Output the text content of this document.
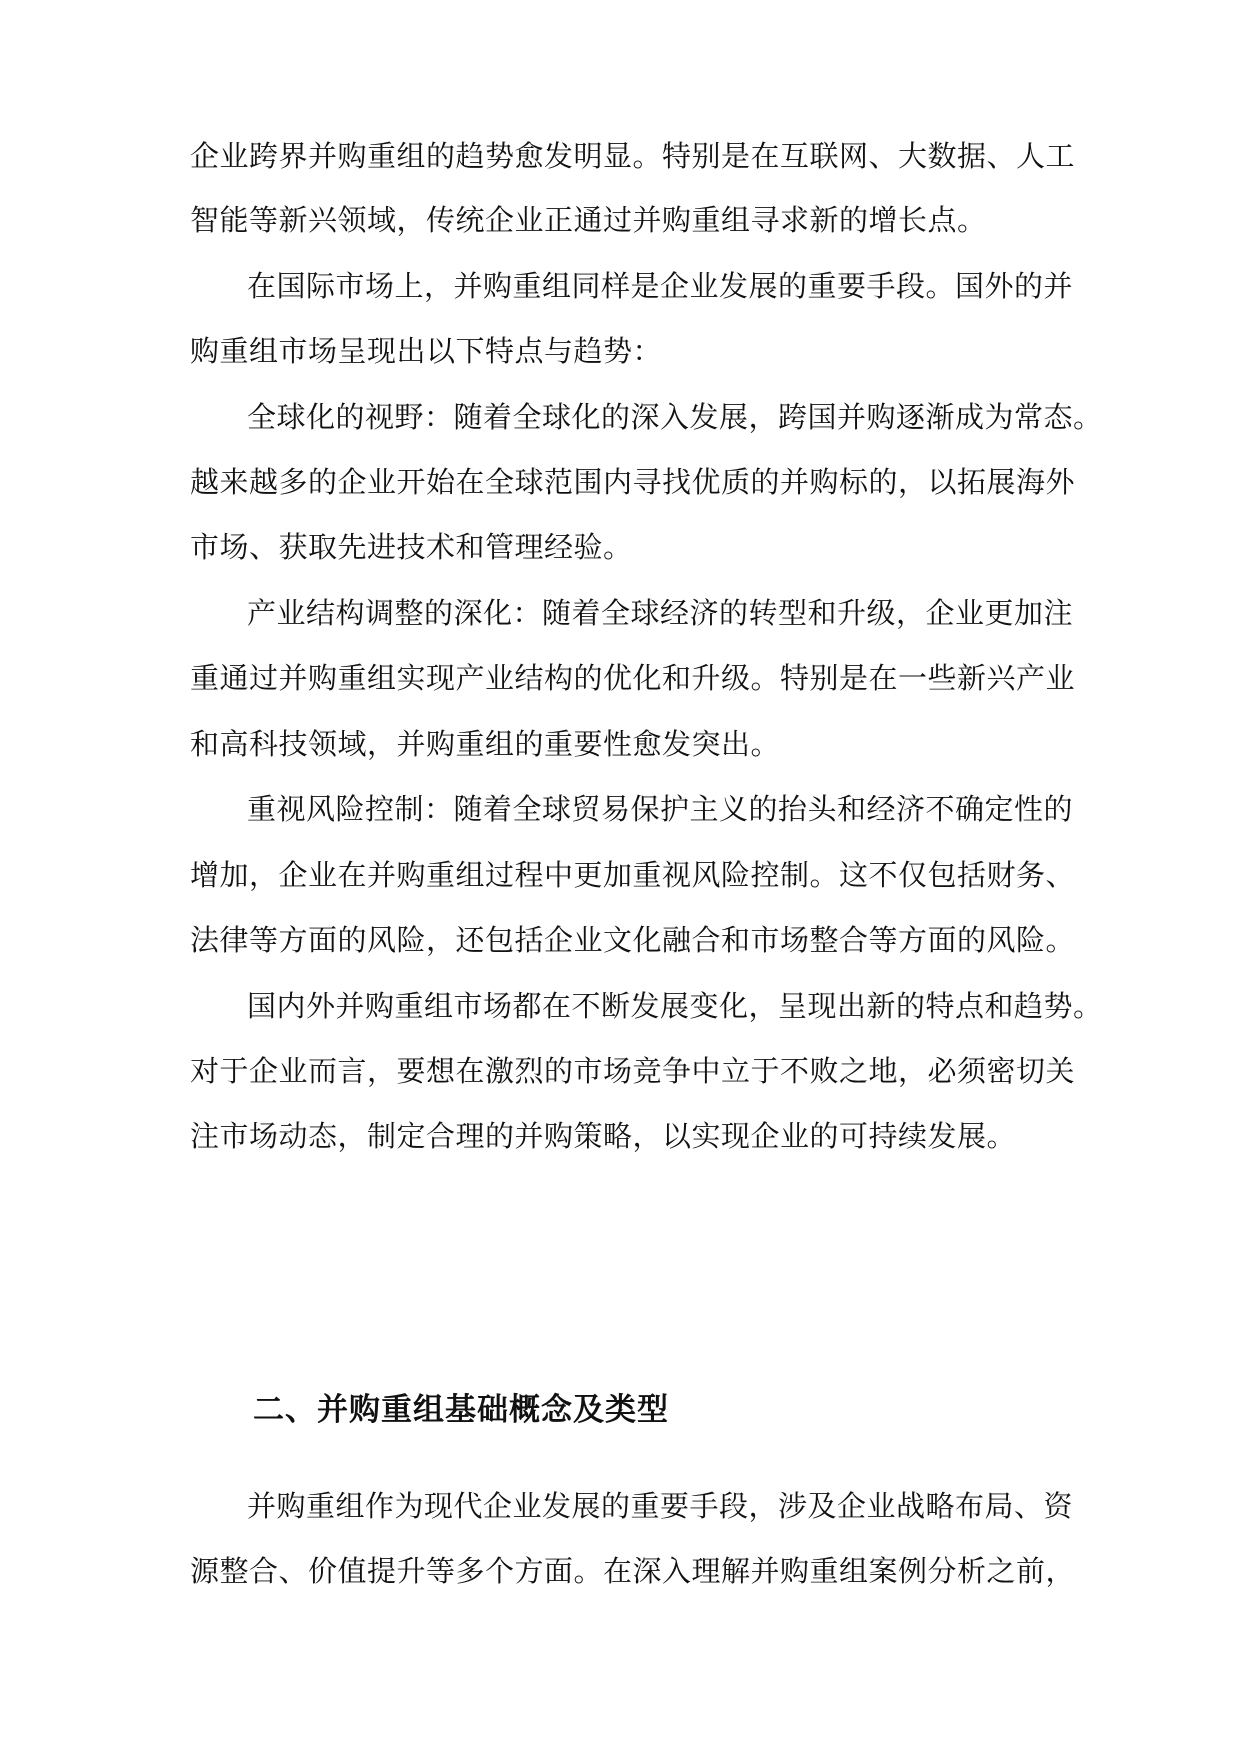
企业跨界并购重组的趋势愈发明显。特别是在互联网、大数据、人工
智能等新兴领域，传统企业正通过并购重组寻求新的增长点。
在国际市场上，并购重组同样是企业发展的重要手段。国外的并
购重组市场呈现出以下特点与趋势：
全球化的视野：随着全球化的深入发展，跨国并购逐渐成为常态。
越来越多的企业开始在全球范围内寻找优质的并购标的，以拓展海外
市场、获取先进技术和管理经验。
产业结构调整的深化：随着全球经济的转型和升级，企业更加注
重通过并购重组实现产业结构的优化和升级。特别是在一些新兴产业
和高科技领域，并购重组的重要性愈发突出。
重视风险控制：随着全球贸易保护主义的抬头和经济不确定性的
增加，企业在并购重组过程中更加重视风险控制。这不仅包括财务、
法律等方面的风险，还包括企业文化融合和市场整合等方面的风险。
国内外并购重组市场都在不断发展变化，呈现出新的特点和趋势。
对于企业而言，要想在激烈的市场竞争中立于不败之地，必须密切关
注市场动态，制定合理的并购策略，以实现企业的可持续发展。
二、并购重组基础概念及类型
并购重组作为现代企业发展的重要手段，涉及企业战略布局、资
源整合、价值提升等多个方面。在深入理解并购重组案例分析之前，
